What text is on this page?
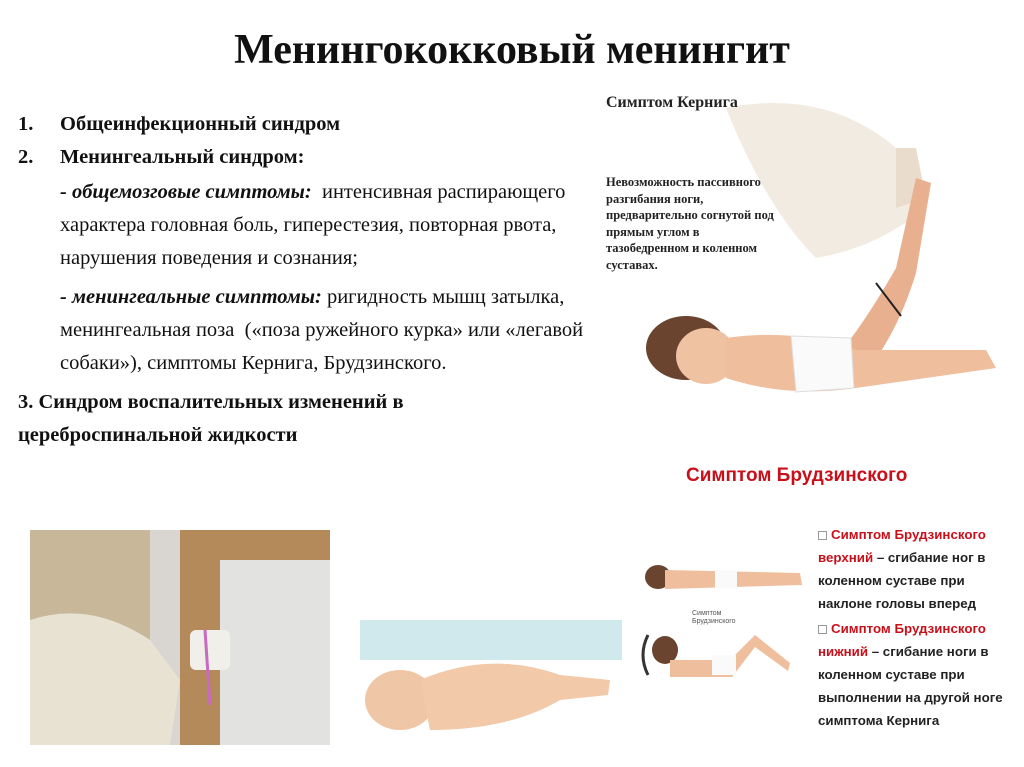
Менингококковый менингит
1. Общеинфекционный синдром
2. Менингеальный синдром:
- общемозговые симптомы:  интенсивная распирающего характера головная боль, гиперестезия, повторная рвота,  нарушения поведения и сознания;
- менингеальные симптомы: ригидность мышц затылка, менингеальная поза  («поза ружейного курка» или «легавой собаки»), симптомы Кернига, Брудзинского.
3. Синдром воспалительных изменений в цереброспинальной жидкости
Симптом Кернига
Невозможность пассивного разгибания ноги, предварительно согнутой под прямым углом в тазобедренном и коленном суставах.
Симптом Брудзинского
Симптом Брудзинского
Симптом Брудзинского верхний – сгибание ног в коленном суставе при наклоне головы вперед
Симптом Брудзинского нижний – сгибание ноги в коленном суставе при выполнении на другой ноге симптома Кернига
